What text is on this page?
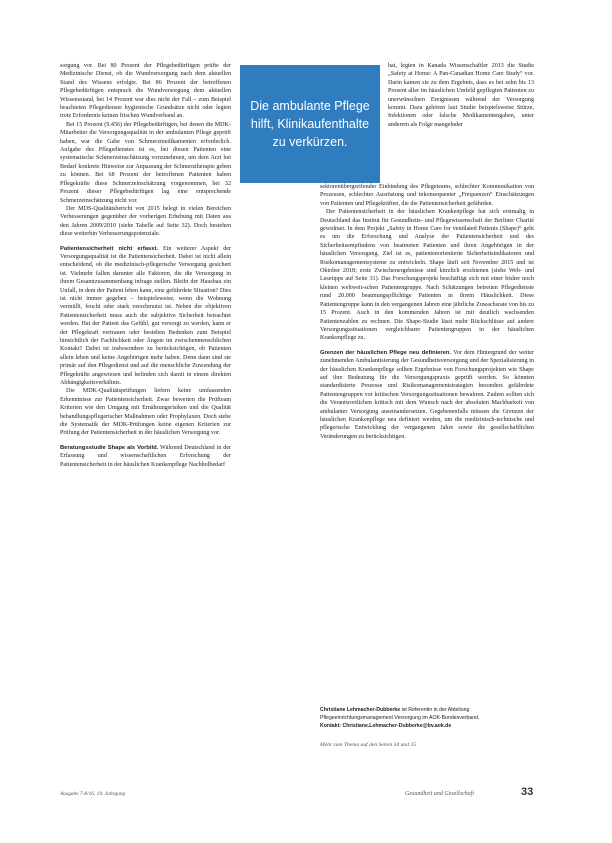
Die ambulante Pflege hilft, Klinikaufenthalte zu verkürzen.

sorgung vor. Bei 80 Prozent der Pflegebedürftigen prüfte der Medizinische Dienst, ob die Wundversorgung nach dem aktuellen Stand des Wissens erfolgte. Bei 86 Prozent der betroffenen Pflegebedürftigen entsprach die Wundversorgung dem aktuellen Wissensstand, bei 14 Prozent war dies nicht der Fall – zum Beispiel beachteten Pflegedienste hygienische Grundsätze nicht oder legten trotz Erfordernis keinen frischen Wundverband an.

Bei 15 Prozent (9.456) der Pflegebedürftigen, bei denen die MDK-Mitarbeiter die Versorgungsqualität in der ambulanten Pflege geprüft haben, war die Gabe von Schmerzmedikamenten erforderlich. Aufgabe des Pflegedienstes ist es, bei diesen Patienten eine systematische Schmerzeinschätzung vorzunehmen, um dem Arzt bei Bedarf konkrete Hinweise zur Anpassung der Schmerztherapie geben zu können. Bei 68 Prozent der betroffenen Patienten haben Pflegekräfte diese Schmerzeinschätzung vorgenommen, bei 32 Prozent dieser Pflegebedürftigen lag eine entsprechende Schmerzeinschätzung nicht vor.

Der MDS-Qualitätsbericht von 2015 belegt in vielen Bereichen Verbesserungen gegenüber der vorherigen Erhebung mit Daten aus den Jahren 2009/2010 (siehe Tabelle auf Seite 32). Doch bestehen diese weiterhin Verbesserungspotenziale.

Patientensicherheit nicht erfasst. Ein weiterer Aspekt der Versorgungsqualität ist die Patientensicherheit. Dabei ist nicht allein entscheidend, ob die medizinisch-pflegerische Versorgung gesichert ist. Vielmehr fallen darunter alle Faktoren, die die Versorgung in ihrem Gesamtzusammenhang infrage stellen. Bleibt der Hausbau ein Unfall, in dem der Patient leben kann, eine gefährdete Situation? Dies ist nicht immer gegeben – beispielsweise, wenn die Wohnung vermüllt, feucht oder stark verschmutzt ist. Neben der objektiven Patientensicherheit muss auch die subjektive Sicherheit betrachtet werden. Hat der Patient das Gefühl, gut versorgt zu werden, kann er der Pflegekraft vertrauen oder bestehen Bedenken zum Beispiel hinsichtlich der Fachlichkeit oder Ängste im zwischenmenschlichen Kontakt? Dabei ist insbesondere zu berücksichtigen, ob Patienten allein leben und keine Angehörigen mehr haben. Denn dann sind sie primär auf den Pflegedienst und auf die menschliche Zuwendung der Pflegekräfte angewiesen und befinden sich damit in einem direkten Abhängigkeitsverhältnis.

Die MDK-Qualitätsprüfungen liefern keine umfassenden Erkenntnisse zur Patientensicherheit. Zwar bewerten die Prüfteam Kriterien wie den Umgang mit Ernährungsrisiken und die Qualität behandlungspflegerischer Maßnahmen oder Prophylaxen. Doch stehe die Systematik der MDK-Prüfungen keine eigenen Kriterien zur Prüfung der Patientensicherheit in der häuslichen Versorgung vor.

Beratungsstudie Shape als Vorbild. Während Deutschland in der Erfassung und wissenschaftlichen Erforschung der Patientensicherheit in der häuslichen Krankenpflege Nachholbedarf

hat, legten in Kanada Wissenschaftler 2013 die Studie „Safety at Home: A Pan-Canadian Home Care Study“ vor. Darin kamen sie zu dem Ergebnis, dass es bei zehn bis 13 Prozent aller im häuslichen Umfeld gepflegten Patienten zu unerwünschten Ereignissen während der Versorgung kommt. Dazu gehören laut Studie beispielsweise Stürze, Infektionen oder falsche Medikamentengaben, unter anderem als Folge mangelnder

sektorenübergreifender Einbindung des Pflegeteams, schlechter Kommunikation von Prozessen, schlechter Ausrüstung und inkonsequenter „Frequenzen“ Einschätzungen von Patienten und Pflegekräften, die die Patientensicherheit gefährden.

Der Patientensicherheit in der häuslichen Krankenpflege hat sich erstmalig in Deutschland das Institut für Gesundheits- und Pflegewissenschaft der Berliner Charité gewidmet. In dem Projekt „Safety in Home Care for ventilated Patients (Shape)“ geht es um die Erforschung und Analyse der Patientensicherheit und des Sicherheitsempfindens von beatmeten Patienten und ihren Angehörigen in der häuslichen Versorgung. Ziel ist es, patientenorientierte Sicherheitsindikatoren und Risikomanagementsysteme zu entwickeln. Shape läuft seit November 2015 und ist Oktober 2018; erste Zwischenergebnisse sind kürzlich erschienen (siehe Web- und Lesetipps auf Seite 31). Das Forschungsprojekt beschäftigt sich mit einer bisher noch kleinen weltweit-schen Patientengruppe. Nach Schätzungen betreuen Pflegedienste rund 20.000 beatmungspflichtige Patienten in ihrem Häuslichkeit. Diese Patientengruppe kann in den vergangenen Jahren eine jährliche Zuwachsrate von bis zu 15 Prozent. Auch in den kommenden Jahren ist mit deutlich wachsenden Patientenzahlen zu rechnen. Die Shape-Studie lässt mehr Rückschlüsse auf andere Versorgungssituationen vergleichbarer Patientengruppen in der häuslichen Krankenpflege zu.

Grenzen der häuslichen Pflege neu definieren. Vor dem Hintergrund der weiter zunehmenden Ambulantisierung der Gesundheitsversorgung und der Spezialisierung in der häuslichen Krankenpflege sollten Ergebnisse von Forschungsprojekten wie Shape auf ihre Bedeutung für die Versorgungspraxis geprüft werden. So könnten standardisierte Prozesse und Risikomanagementstrategien besonders gefährdete Patientengruppen vor kritischen Versorgungssituationen bewahren. Zudem sollten sich die Verantwortlichen kritisch mit dem Wunsch nach der absoluten Machbarkeit von ambulanter Versorgung auseinandersetzen. Gegebenenfalls müssen die Grenzen der häuslichen Krankenpflege neu definiert werden, um die medizinisch-technische und pflegerische Entwicklung der vergangenen Jahre sowie die gesellschaftlichen Veränderungen zu berücksichtigen.

Christiane Lehmacher-Dubberke ist Referentin in der Abteilung Pflegeeinrichtungsmanagement Versorgung im AOK-Bundesverband.
Kontakt: Christiane.Lehmacher-Dubberke@bv.aok.de
Mehr zum Thema auf den Seiten 34 und 35
Ausgabe 7-8/16, 19. Jahrgang	Gesundheit und Gesellschaft	33
